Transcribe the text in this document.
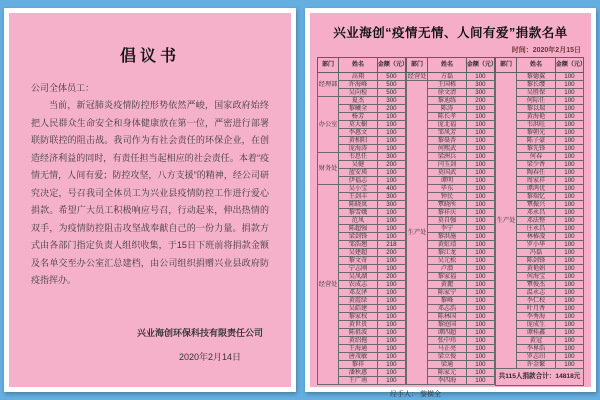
倡议书
公司全体员工：
当前，新冠肺炎疫情防控形势依然严峻，国家政府始终把人民群众生命安全和身体健康放在第一位，严密进行部署联防联控的阻击战。我司作为有社会责任的环保企业，在创造经济利益的同时，有责任担当起相应的社会责任。本着“疫情无情，人间有爱；防控攻坚，八方支援”的精神，经公司研究决定，号召我司全体员工为兴业县疫情防控工作进行爱心捐款。希望广大员工积极响应号召，行动起来，伸出热情的双手，为疫情防控阻击攻坚战奉献自己的一份力量。捐款方式由各部门指定负责人组织收集，于15日下班前将捐款金额及名单交至办公室汇总建档，由公司组织捐赠兴业县政府防疫指挥办。
兴业海创环保科技有限责任公司
2020年2月14日
兴业海创“疫情无情、人间有爱”捐款名单
时间：2020年2月15日
部门	姓名	金额（元）
经理部	高翔	500
	许海峰	500
	吴向检	500
办公室	夏杰	300
	黎曦全	200
	杨芳	100
	莫大樹	100
	李惠文	100
	黄相阳	100
	庞海涛	100
财务处	韦思任	300
	吴健	200
	蓝安瑛	100
	伊福志	100
经营处	吴小宝	400
	王剑丰	300
	陈晓岚	300
	黎雪娥	100
	范凤	100
	陈超强	100
	梁剑锋	100
	邹浩翘	218
	吴建超	200
	黎文奇	100
	宁志刚	100
	吴凤湖	200
	农成志	100
	邓友泽	100
	黄霞绿	100
	吴皓建	100
	黎家权	100
	黄世贵	100
	陈祖波	100
	黄绍拖	100
	王海通	100
	唐茂敏	100
	黎祥	100
	潘秋惠	100
	王广南	100
部门	姓名	金额（元）
经营处	方磊	100
生产处	王国栋	300
	徐文清	300
	黎迪练	200
	陈涛	100
	陈长孝	100
	庞北福	100
	邹凤芳	100
	黎燊杏	100
	何熙武	100
	梁洲兵	100
	闫玉剑	100
	莫国武	100
	谭明	100
	毕东	100
	钟民	100
	覃晓所	100
	黎祥庆	100
	莫自强	100
	李宁	100
	黎洪施	100
	黄虹靖	100
	黎江龙	100
	吴元松	100
	卢潜	100
	黎家福	100
	黄麗	100
	陈家宁	100
	黎峰	100
	邓志浩	100
	陈林国	100
	黎庭国	100
	谭四超	100
	张中玮	100
	马正亮	100
	梁立俊	100
	梁通	100
	陈家元	100
	李四海	100
部门	姓名	金额（元）
生产处	黎德翼	100
	黎长缨	100
	吴胜保	100
	何际任	100
	黎以瑞	100
	黄海艳	100
	韦洪旺	100
	黎朝光	100
	陈子豪	100
	黎先锋	100
	何春	100
	梁少香	100
	陶春任	100
	周家祥	100
	谭鸿优	100
	黎瑞忆	100
	覃振兴	100
	邓永昌	100
	邓法整	100
	庄永昌	100
	林椿凌	100
	罗小华	100
	冯磊	100
	陈剑锋	100
	黄艳娟	100
	何海宝	100
	覃俊杰	100
	温永志	100
	李仁校	100
	叶月香	100
	李秀海	100
	庞成生	100
	谭桂鑫	100
	黄冠	100
	李界浩	100
	罗志田	100
	许金繁	100
共115人捐款合计：14818元		
经手人： 黎横全
